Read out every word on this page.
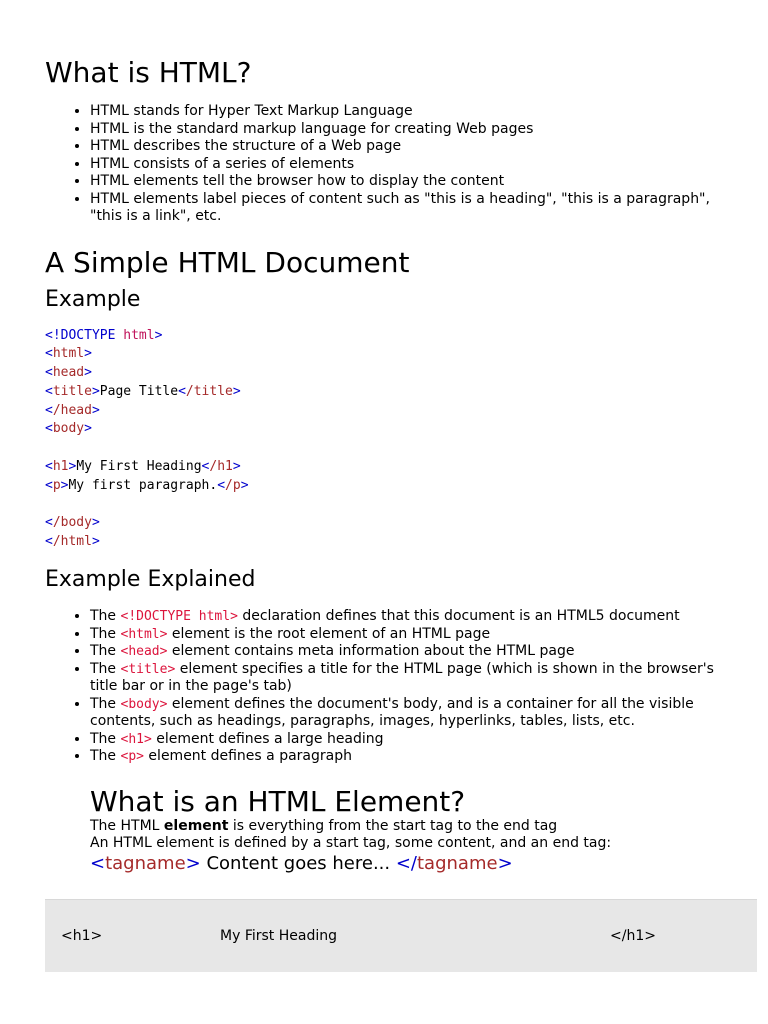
What is HTML?
• HTML stands for Hyper Text Markup Language
• HTML is the standard markup language for creating Web pages
• HTML describes the structure of a Web page
• HTML consists of a series of elements
• HTML elements tell the browser how to display the content
• HTML elements label pieces of content such as "this is a heading", "this is a paragraph", "this is a link", etc.
A Simple HTML Document
Example
<!DOCTYPE html>
<html>
<head>
<title>Page Title</title>
</head>
<body>

<h1>My First Heading</h1>
<p>My first paragraph.</p>

</body>
</html>
Example Explained
• The <!DOCTYPE html> declaration defines that this document is an HTML5 document
• The <html> element is the root element of an HTML page
• The <head> element contains meta information about the HTML page
• The <title> element specifies a title for the HTML page (which is shown in the browser's title bar or in the page's tab)
• The <body> element defines the document's body, and is a container for all the visible contents, such as headings, paragraphs, images, hyperlinks, tables, lists, etc.
• The <h1> element defines a large heading
• The <p> element defines a paragraph
What is an HTML Element?

The HTML element is everything from the start tag to the end tag

An HTML element is defined by a start tag, some content, and an end tag:

<tagname> Content goes here... </tagname>
<h1>	My First Heading	</h1>
